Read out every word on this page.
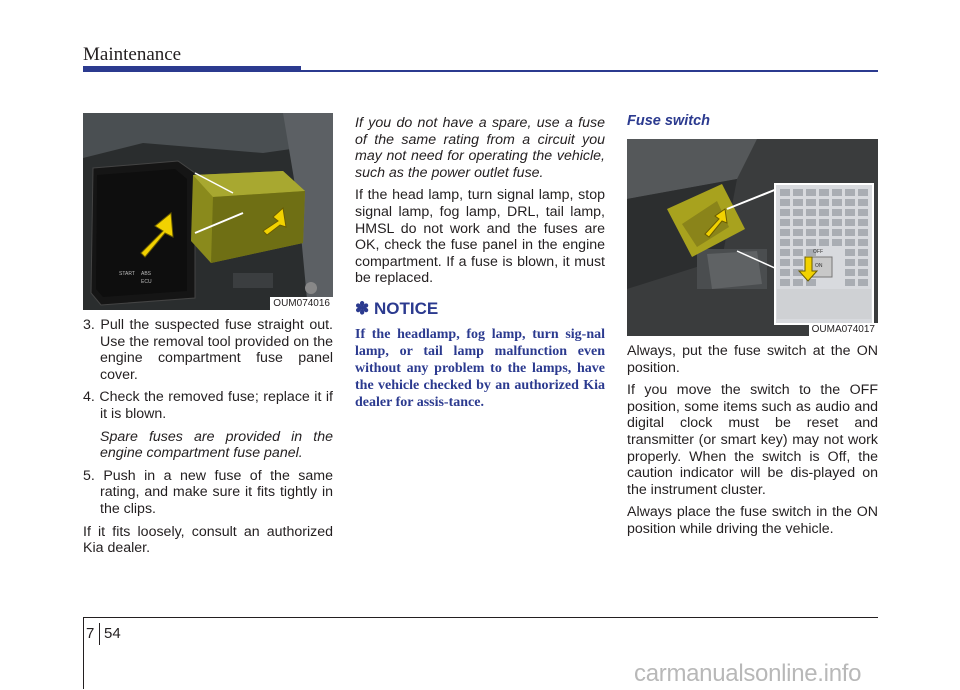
Maintenance
START ABS
ECU
OUM074016

3. Pull the suspected fuse straight out. Use the removal tool provided on the engine compartment fuse panel cover.

4. Check the removed fuse; replace it if it is blown.

Spare fuses are provided in the engine compartment fuse panel.

5. Push in a new fuse of the same rating, and make sure it fits tightly in the clips.

If it fits loosely, consult an authorized Kia dealer.

If you do not have a spare, use a fuse of the same rating from a circuit you may not need for operating the vehicle, such as the power outlet fuse.

If the head lamp, turn signal lamp, stop signal lamp, fog lamp, DRL, tail lamp, HMSL do not work and the fuses are OK, check the fuse panel in the engine compartment. If a fuse is blown, it must be replaced.

✽ NOTICE
If the headlamp, fog lamp, turn sig-nal lamp, or tail lamp malfunction even without any problem to the lamps, have the vehicle checked by an authorized Kia dealer for assis-tance.
Fuse switch
OFF
ON
OUMA074017

Always, put the fuse switch at the ON position.

If you move the switch to the OFF position, some items such as audio and digital clock must be reset and transmitter (or smart key) may not work properly. When the switch is Off, the caution indicator will be dis-played on the instrument cluster.

Always place the fuse switch in the ON position while driving the vehicle.

7 54
carmanualsonline.info
